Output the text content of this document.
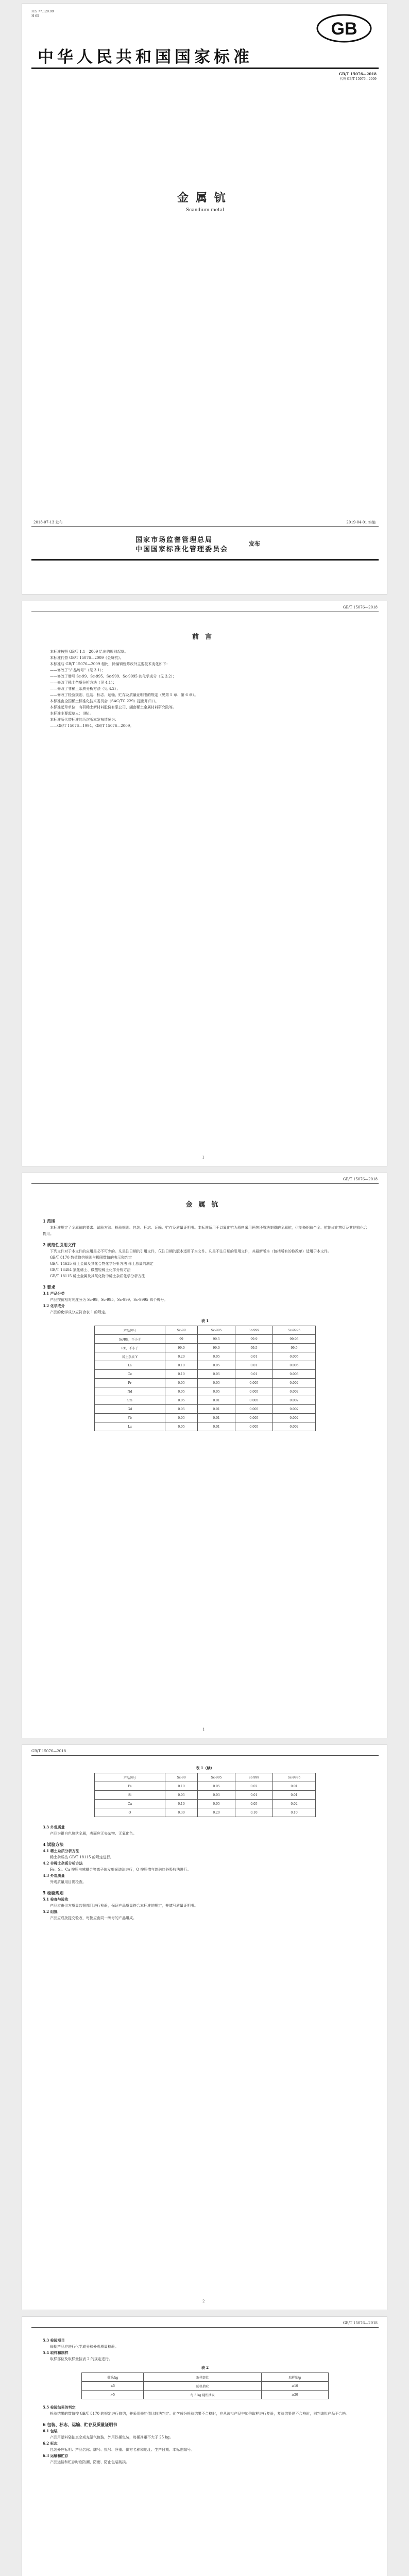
ICS 77.120.99
H 65
GB
中华人民共和国国家标准
GB/T 15076—2018
代替 GB/T 15076—2009
金属钪
Scandium metal
2018-07-13 发布	2019-04-01 实施
国家市场监督管理总局
中国国家标准化管理委员会
发布
GB/T 15076—2018
前言
本标准按照 GB/T 1.1—2009 给出的规则起草。
本标准代替 GB/T 15076—2009《金属钪》。
本标准与 GB/T 15076—2009 相比，除编辑性修改外主要技术变化如下：
——修改了"产品牌号"（见 3.1）；
——修改了牌号 Sc-99、Sc-995、Sc-999、Sc-9995 的化学成分（见 3.2）；
——修改了稀土杂质分析方法（见 4.1）；
——修改了非稀土杂质分析方法（见 4.2）；
——修改了检验规则、包装、标志、运输、贮存及质量证明书的规定（见第 5 章、第 6 章）。
本标准由全国稀土标准化技术委员会（SAC/TC 229）提出并归口。
本标准起草单位：有研稀土新材料股份有限公司、湖南稀土金属材料研究院等。
本标准主要起草人：（略）。
本标准所代替标准的历次版本发布情况为：
——GB/T 15076—1994、GB/T 15076—2009。
I
GB/T 15076—2018
金属钪
1 范围
本标准规定了金属钪的要求、试验方法、检验规则、包装、标志、运输、贮存及质量证明书。本标准适用于以氟化钪为原料采用钙热还原法制得的金属钪，供制备铝钪合金、钪钠卤化物灯及其他钪化合物用。
2 规范性引用文件
下列文件对于本文件的应用是必不可少的。凡是注日期的引用文件，仅注日期的版本适用于本文件。凡是不注日期的引用文件，其最新版本（包括所有的修改单）适用于本文件。
GB/T 8170 数值修约规则与极限数值的表示和判定
GB/T 14635 稀土金属及其化合物化学分析方法 稀土总量的测定
GB/T 16484 氯化稀土、碳酸轻稀土化学分析方法
GB/T 18115 稀土金属及其氧化物中稀土杂质化学分析方法
3 要求
3.1 产品分类
产品按钪相对纯度分为 Sc-99、Sc-995、Sc-999、Sc-9995 四个牌号。
3.2 化学成分
产品的化学成分应符合表 1 的规定。
表 1
产品牌号	Sc-99	Sc-995	Sc-999	Sc-9995
Sc/RE，不小于	99	99.5	99.9	99.95
RE，不小于	99.0	99.0	99.5	99.5
稀土杂质 Y	0.20	0.05	0.01	0.005
La	0.10	0.05	0.01	0.005
Ce	0.10	0.05	0.01	0.005
Pr	0.05	0.05	0.005	0.002
Nd	0.05	0.05	0.005	0.002
Sm	0.05	0.01	0.005	0.002
Gd	0.05	0.01	0.005	0.002
Yb	0.05	0.01	0.005	0.002
Lu	0.05	0.01	0.005	0.002
1
GB/T 15076—2018
表 1（续）
产品牌号	Sc-99	Sc-995	Sc-999	Sc-9995
Fe	0.10	0.05	0.02	0.01
Si	0.05	0.03	0.01	0.01
Ca	0.10	0.05	0.05	0.02
O	0.30	0.20	0.10	0.10
3.3 外观质量
产品为银白色块状金属，表面应无夹杂物、无氧化色。
4 试验方法
4.1 稀土杂质分析方法
稀土杂质按 GB/T 18115 的规定进行。
4.2 非稀土杂质分析方法
Fe、Si、Ca 按照电感耦合等离子体发射光谱法进行，O 按照惰气熔融红外吸收法进行。
4.3 外观质量
外观质量用目视检查。
5 检验规则
5.1 检查与验收
产品应由供方质量监督部门进行检验，保证产品质量符合本标准的规定，并填写质量证明书。
5.2 组批
产品应成批提交验收，每批应由同一牌号的产品组成。
2
GB/T 15076—2018
5.3 检验项目
每批产品应进行化学成分和外观质量检验。
5.4 取样和制样
取样部位及取样量按表 2 的规定进行。
表 2
批重/kg	取样部位	取样量/g
≤5	随机抽取	≥10
>5	每 5 kg 随机抽取	≥20
5.5 检验结果的判定
检验结果的数值按 GB/T 8170 的规定进行修约，并采用修约值比较法判定。化学成分检验结果不合格时，应从该批产品中加倍取样进行复验，复验结果仍不合格时，则判该批产品不合格。
6 包装、标志、运输、贮存及质量证明书
6.1 包装
产品用塑料袋抽真空或充氩气包装，外用铁桶包装，每桶净重不大于 25 kg。
6.2 标志
包装外应标明：产品名称、牌号、批号、净重、供方名称和地址、生产日期、本标准编号。
6.3 运输和贮存
产品运输和贮存时应防潮、防雨、防止包装破损。
